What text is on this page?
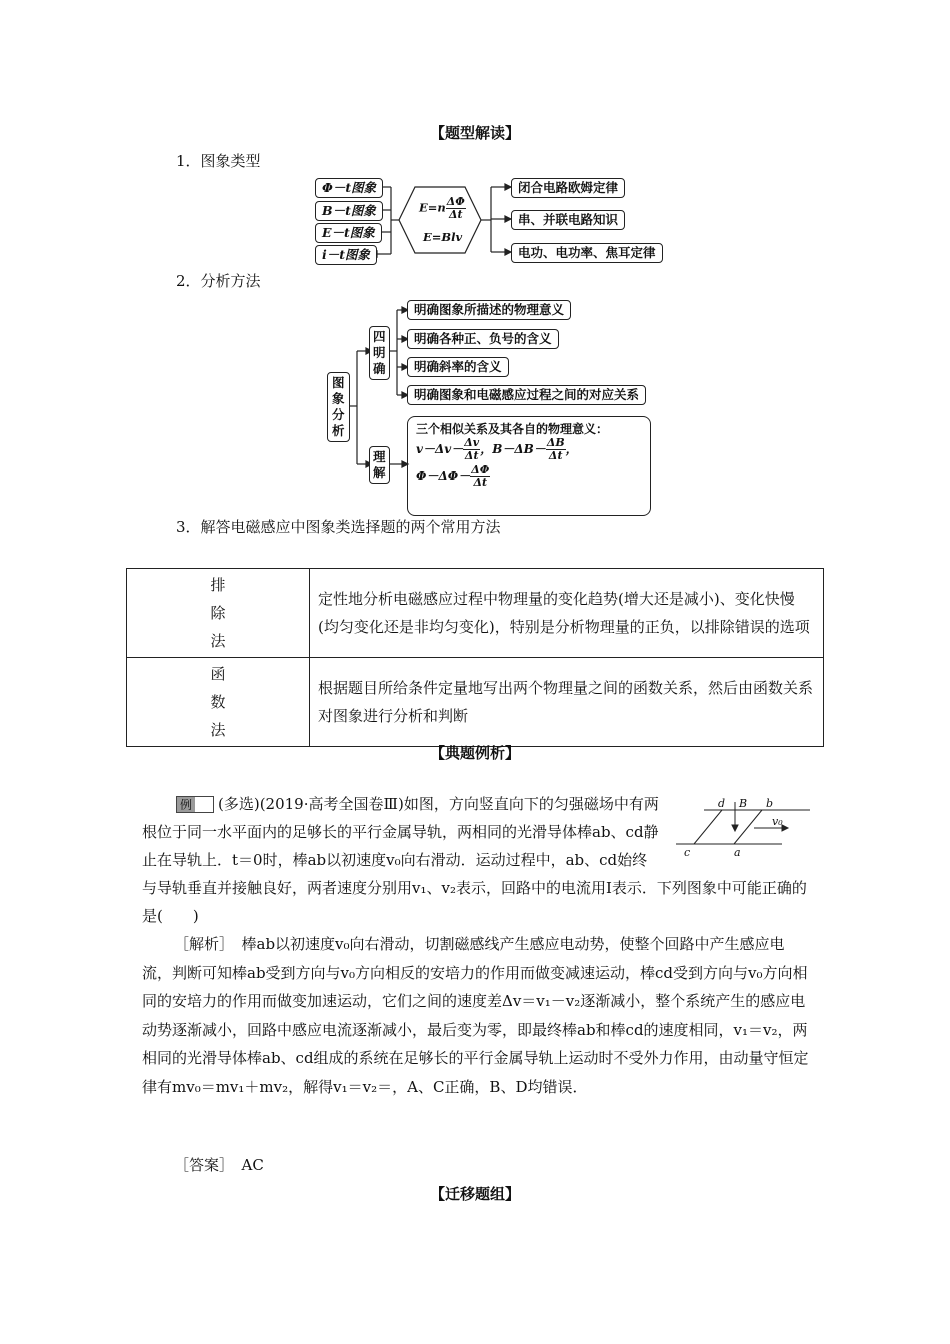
【题型解读】
1．图象类型
Φ－t图象
B－t图象
E－t图象
i－t图象
$E=n \frac{\Delta\Phi}{\Delta t}$
E=Blv
闭合电路欧姆定律
串、并联电路知识
电功、电功率、焦耳定律
2．分析方法
图象分析
四明确
理解
明确图象所描述的物理意义
明确各种正、负号的含义
明确斜率的含义
明确图象和电磁感应过程之间的对应关系
三个相似关系及其各自的物理意义：
$v-\Delta v- \frac{\Delta v}{\Delta t}$ ，$B-\Delta B- \frac{\Delta B}{\Delta t}$ ，
$\Phi-\Delta\Phi- \frac{\Delta\Phi}{\Delta t}$
3．解答电磁感应中图象类选择题的两个常用方法
排除法	定性地分析电磁感应过程中物理量的变化趋势(增大还是减小)、变化快慢(均匀变化还是非均匀变化)，特别是分析物理量的正负，以排除错误的选项

函数法	根据题目所给条件定量地写出两个物理量之间的函数关系，然后由函数关系对图象进行分析和判断
【典题例析】
例	(多选)(2019·高考全国卷Ⅲ)如图，方向竖直向下的匀强磁场中有两根位于同一水平面内的足够长的平行金属导轨，两相同的光滑导体棒ab、cd静止在导轨上．t＝0时，棒ab以初速度v₀向右滑动．运动过程中，ab、cd始终与导轨垂直并接触良好，两者速度分别用v₁、v₂表示，回路中的电流用I表示．下列图象中可能正确的是(　　)
d B b
c	a
v₀
［解析］　棒ab以初速度v₀向右滑动，切割磁感线产生感应电动势，使整个回路中产生感应电流，判断可知棒ab受到方向与v₀方向相反的安培力的作用而做变减速运动，棒cd受到方向与v₀方向相同的安培力的作用而做变加速运动，它们之间的速度差Δv＝v₁－v₂逐渐减小，整个系统产生的感应电动势逐渐减小，回路中感应电流逐渐减小，最后变为零，即最终棒ab和棒cd的速度相同，v₁＝v₂，两相同的光滑导体棒ab、cd组成的系统在足够长的平行金属导轨上运动时不受外力作用，由动量守恒定律有mv₀＝mv₁＋mv₂，解得v₁＝v₂＝，A、C正确，B、D均错误．
［答案］　AC
【迁移题组】
